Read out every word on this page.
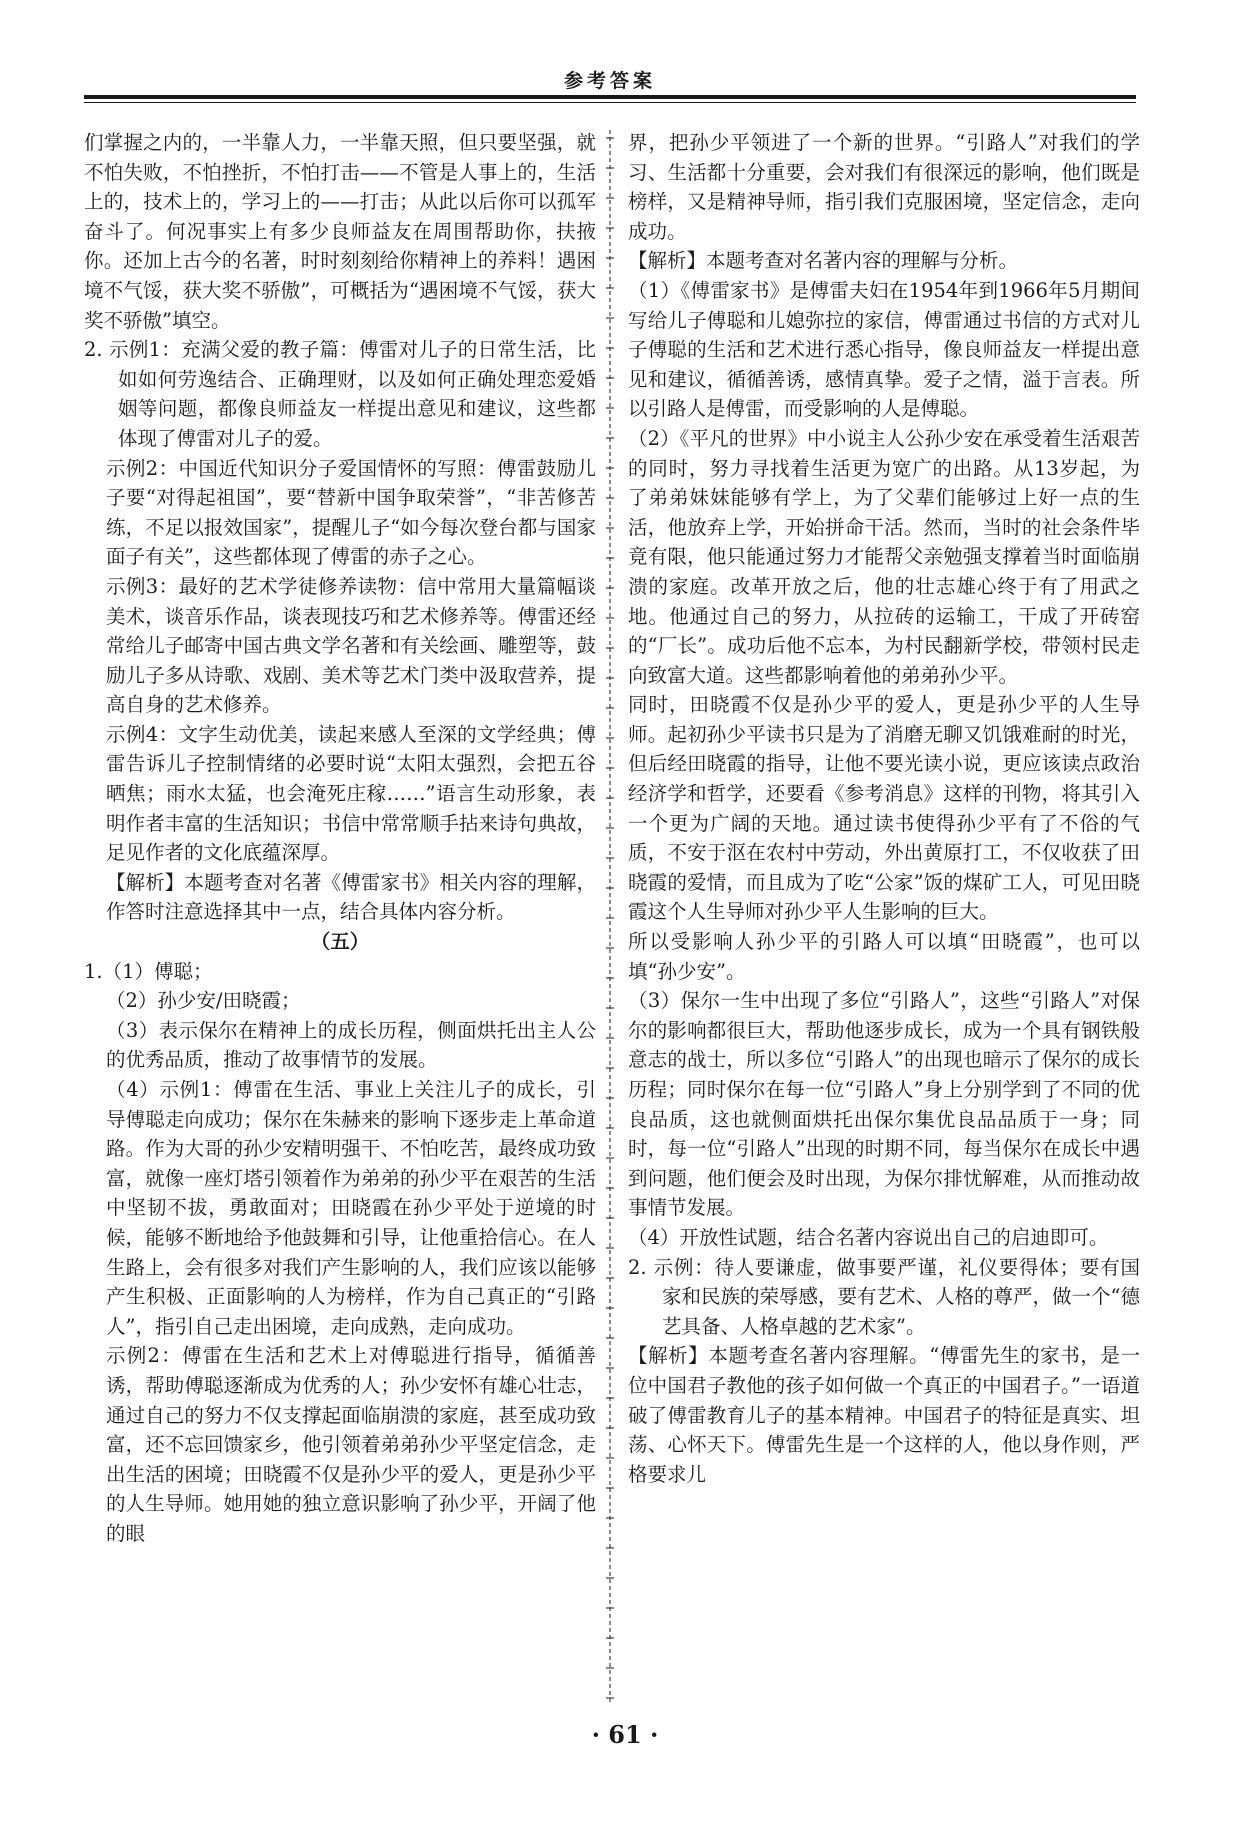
参考答案

们掌握之内的，一半靠人力，一半靠天照，但只要坚强，就不怕失败，不怕挫折，不怕打击——不管是人事上的，生活上的，技术上的，学习上的——打击；从此以后你可以孤军奋斗了。何况事实上有多少良师益友在周围帮助你，扶掖你。还加上古今的名著，时时刻刻给你精神上的养料！遇困境不气馁，获大奖不骄傲”，可概括为“遇困境不气馁，获大奖不骄傲”填空。

2. 示例1：充满父爱的教子篇：傅雷对儿子的日常生活，比如如何劳逸结合、正确理财，以及如何正确处理恋爱婚姻等问题，都像良师益友一样提出意见和建议，这些都体现了傅雷对儿子的爱。

示例2：中国近代知识分子爱国情怀的写照：傅雷鼓励儿子要“对得起祖国”，要“替新中国争取荣誉”，“非苦修苦练，不足以报效国家”，提醒儿子“如今每次登台都与国家面子有关”，这些都体现了傅雷的赤子之心。

示例3：最好的艺术学徒修养读物：信中常用大量篇幅谈美术，谈音乐作品，谈表现技巧和艺术修养等。傅雷还经常给儿子邮寄中国古典文学名著和有关绘画、雕塑等，鼓励儿子多从诗歌、戏剧、美术等艺术门类中汲取营养，提高自身的艺术修养。

示例4：文字生动优美，读起来感人至深的文学经典；傅雷告诉儿子控制情绪的必要时说“太阳太强烈，会把五谷晒焦；雨水太猛，也会淹死庄稼……”语言生动形象，表明作者丰富的生活知识；书信中常常顺手拈来诗句典故，足见作者的文化底蕴深厚。

【解析】本题考查对名著《傅雷家书》相关内容的理解，作答时注意选择其中一点，结合具体内容分析。

（五）

1.（1）傅聪；

（2）孙少安/田晓霞；

（3）表示保尔在精神上的成长历程，侧面烘托出主人公的优秀品质，推动了故事情节的发展。

（4）示例1：傅雷在生活、事业上关注儿子的成长，引导傅聪走向成功；保尔在朱赫来的影响下逐步走上革命道路。作为大哥的孙少安精明强干、不怕吃苦，最终成功致富，就像一座灯塔引领着作为弟弟的孙少平在艰苦的生活中坚韧不拔，勇敢面对；田晓霞在孙少平处于逆境的时候，能够不断地给予他鼓舞和引导，让他重拾信心。在人生路上，会有很多对我们产生影响的人，我们应该以能够产生积极、正面影响的人为榜样，作为自己真正的“引路人”，指引自己走出困境，走向成熟，走向成功。

示例2：傅雷在生活和艺术上对傅聪进行指导，循循善诱，帮助傅聪逐渐成为优秀的人；孙少安怀有雄心壮志，通过自己的努力不仅支撑起面临崩溃的家庭，甚至成功致富，还不忘回馈家乡，他引领着弟弟孙少平坚定信念，走出生活的困境；田晓霞不仅是孙少平的爱人，更是孙少平的人生导师。她用她的独立意识影响了孙少平，开阔了他的眼

界，把孙少平领进了一个新的世界。“引路人”对我们的学习、生活都十分重要，会对我们有很深远的影响，他们既是榜样，又是精神导师，指引我们克服困境，坚定信念，走向成功。

【解析】本题考查对名著内容的理解与分析。

（1）《傅雷家书》是傅雷夫妇在1954年到1966年5月期间写给儿子傅聪和儿媳弥拉的家信，傅雷通过书信的方式对儿子傅聪的生活和艺术进行悉心指导，像良师益友一样提出意见和建议，循循善诱，感情真挚。爱子之情，溢于言表。所以引路人是傅雷，而受影响的人是傅聪。

（2）《平凡的世界》中小说主人公孙少安在承受着生活艰苦的同时，努力寻找着生活更为宽广的出路。从13岁起，为了弟弟妹妹能够有学上，为了父辈们能够过上好一点的生活，他放弃上学，开始拼命干活。然而，当时的社会条件毕竟有限，他只能通过努力才能帮父亲勉强支撑着当时面临崩溃的家庭。改革开放之后，他的壮志雄心终于有了用武之地。他通过自己的努力，从拉砖的运输工，干成了开砖窑的“厂长”。成功后他不忘本，为村民翻新学校，带领村民走向致富大道。这些都影响着他的弟弟孙少平。

同时，田晓霞不仅是孙少平的爱人，更是孙少平的人生导师。起初孙少平读书只是为了消磨无聊又饥饿难耐的时光，但后经田晓霞的指导，让他不要光读小说，更应该读点政治经济学和哲学，还要看《参考消息》这样的刊物，将其引入一个更为广阔的天地。通过读书使得孙少平有了不俗的气质，不安于沤在农村中劳动，外出黄原打工，不仅收获了田晓霞的爱情，而且成为了吃“公家”饭的煤矿工人，可见田晓霞这个人生导师对孙少平人生影响的巨大。

所以受影响人孙少平的引路人可以填“田晓霞”，也可以填“孙少安”。

（3）保尔一生中出现了多位“引路人”，这些“引路人”对保尔的影响都很巨大，帮助他逐步成长，成为一个具有钢铁般意志的战士，所以多位“引路人”的出现也暗示了保尔的成长历程；同时保尔在每一位“引路人”身上分别学到了不同的优良品质，这也就侧面烘托出保尔集优良品品质于一身；同时，每一位“引路人”出现的时期不同，每当保尔在成长中遇到问题，他们便会及时出现，为保尔排忧解难，从而推动故事情节发展。

（4）开放性试题，结合名著内容说出自己的启迪即可。

2. 示例：待人要谦虚，做事要严谨，礼仪要得体；要有国家和民族的荣辱感，要有艺术、人格的尊严，做一个“德艺具备、人格卓越的艺术家”。

【解析】本题考查名著内容理解。“傅雷先生的家书，是一位中国君子教他的孩子如何做一个真正的中国君子。”一语道破了傅雷教育儿子的基本精神。中国君子的特征是真实、坦荡、心怀天下。傅雷先生是一个这样的人，他以身作则，严格要求儿

· 61 ·
